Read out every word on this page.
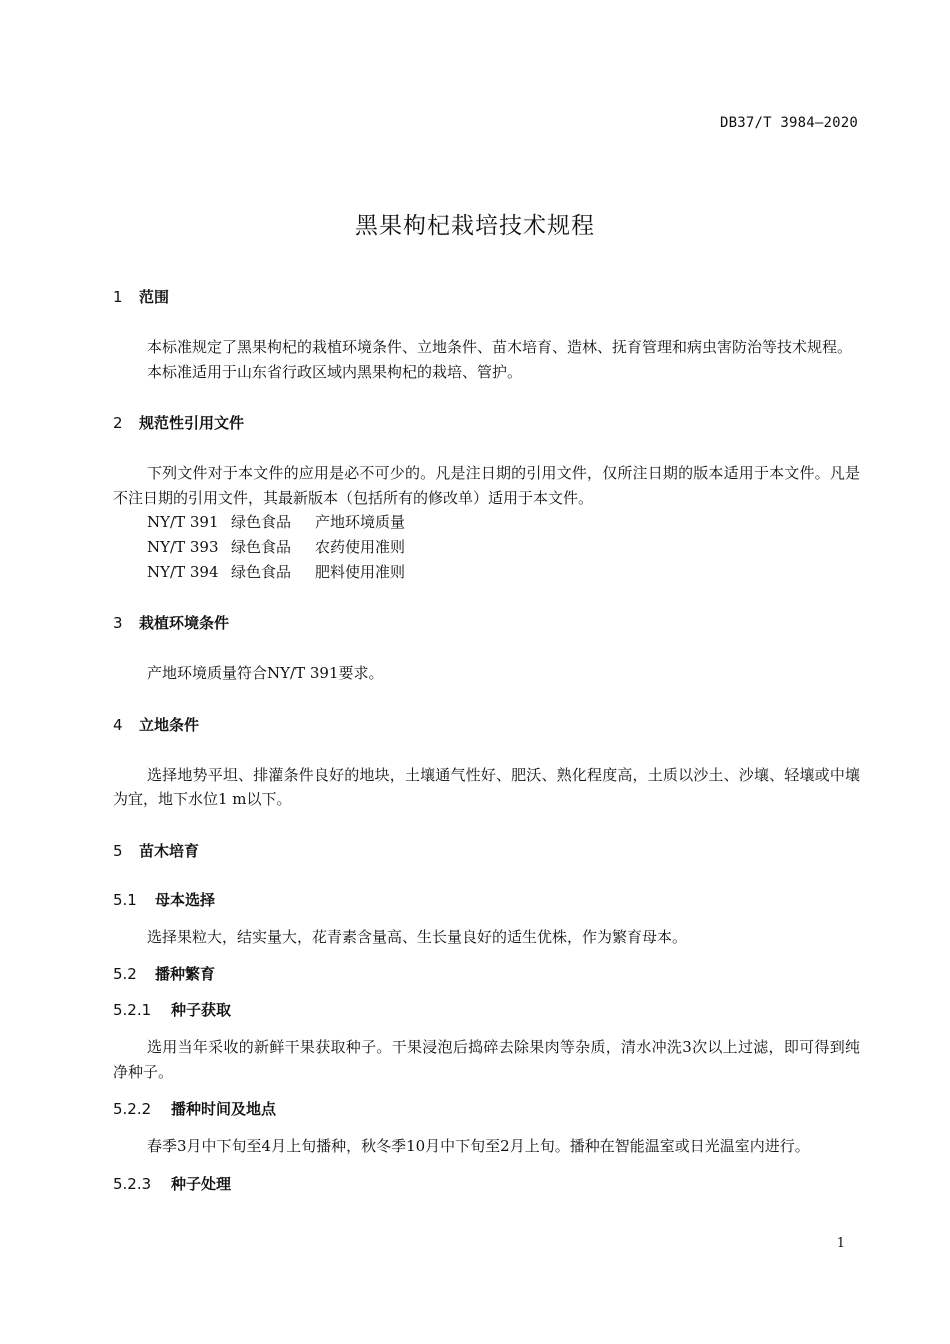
DB37/T 3984—2020
黑果枸杞栽培技术规程
1 范围

本标准规定了黑果枸杞的栽植环境条件、立地条件、苗木培育、造林、抚育管理和病虫害防治等技术规程。

本标准适用于山东省行政区域内黑果枸杞的栽培、管护。

2 规范性引用文件

下列文件对于本文件的应用是必不可少的。凡是注日期的引用文件，仅所注日期的版本适用于本文件。凡是不注日期的引用文件，其最新版本（包括所有的修改单）适用于本文件。

NY/T 391 绿色食品 产地环境质量
NY/T 393 绿色食品 农药使用准则
NY/T 394 绿色食品 肥料使用准则
3 栽植环境条件

产地环境质量符合NY/T 391要求。

4 立地条件

选择地势平坦、排灌条件良好的地块，土壤通气性好、肥沃、熟化程度高，土质以沙土、沙壤、轻壤或中壤为宜，地下水位1 m以下。

5 苗木培育
5.1 母本选择

选择果粒大，结实量大，花青素含量高、生长量良好的适生优株，作为繁育母本。

5.2 播种繁育
5.2.1 种子获取

选用当年采收的新鲜干果获取种子。干果浸泡后捣碎去除果肉等杂质，清水冲洗3次以上过滤，即可得到纯净种子。

5.2.2 播种时间及地点

春季3月中下旬至4月上旬播种，秋冬季10月中下旬至2月上旬。播种在智能温室或日光温室内进行。

5.2.3 种子处理
1
